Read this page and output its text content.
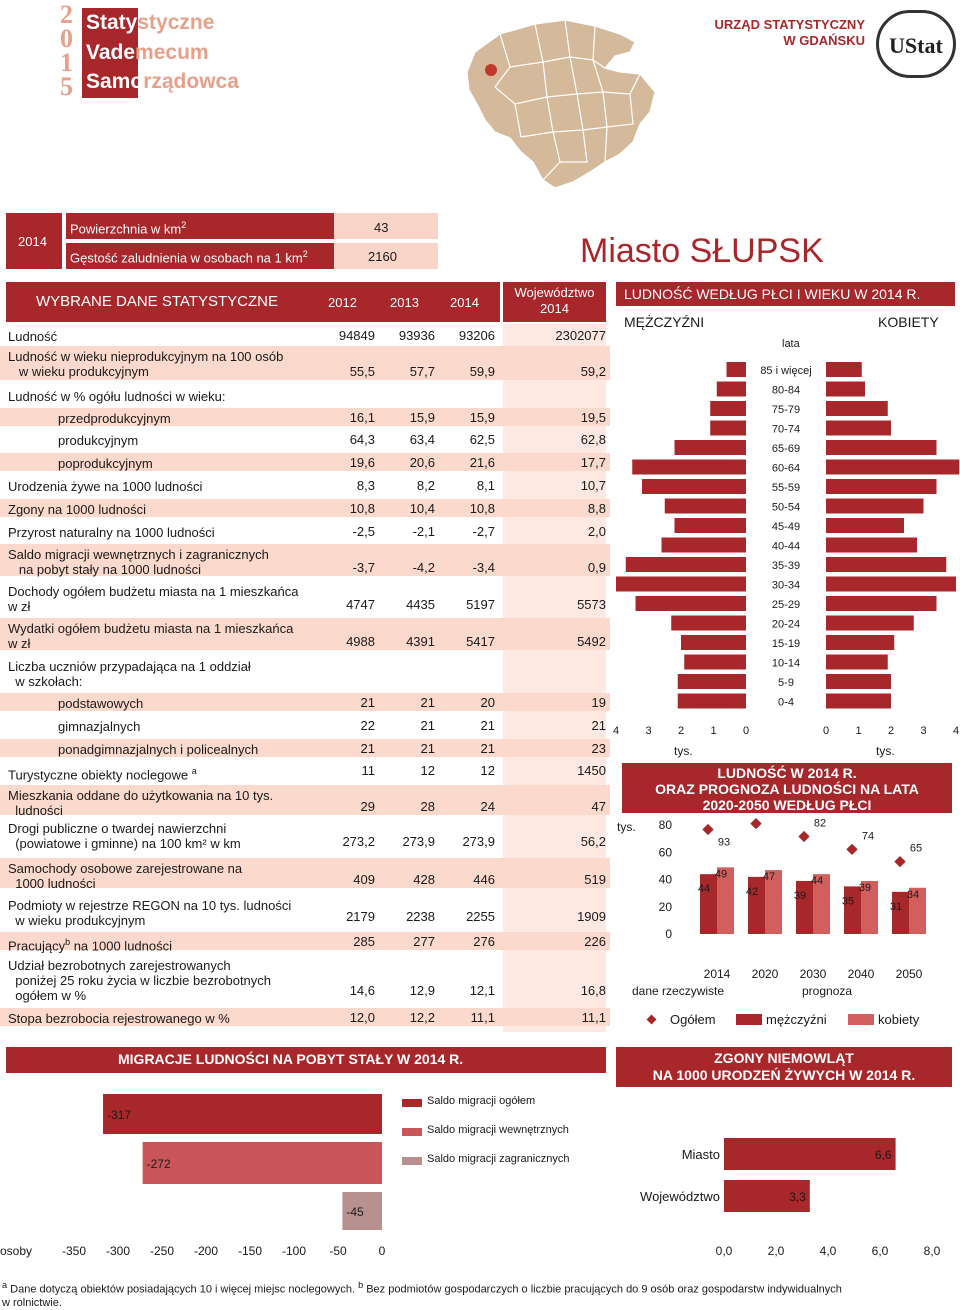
2
0
1
5
Statystyczne
Vademecum
Samorządowca
URZĄD STATYSTYCZNY
W GDAŃSKU UStat
2014
Powierzchnia w $km^2$	43
Gęstość zaludnienia w osobach na 1 $km^2$	2160	Miasto SŁUPSK
WYBRANE DANE STATYSTYCZNE	2012	2013 2014
Województwo
2014
Ludność	94849 93936 93206	2302077
Ludność w wieku nieprodukcyjnym na 100 osób
w wieku produkcyjnym	55,5	57,7	59,9	59,2
Ludność w % ogółu ludności w wieku:
przedprodukcyjnym	16,1	15,9	15,9	19,5
produkcyjnym	64,3	63,4	62,5	62,8
poprodukcyjnym	19,6	20,6	21,6	17,7
Urodzenia żywe na 1000 ludności	8,3	8,2	8,1	10,7
Zgony na 1000 ludności	10,8	10,4	10,8	8,8
Przyrost naturalny na 1000 ludności	-2,5	-2,1	-2,7	2,0
Saldo migracji wewnętrznych i zagranicznych
na pobyt stały na 1000 ludności	-3,7	-4,2	-3,4	0,9
Dochody ogółem budżetu miasta na 1 mieszkańca
w zł	4747 4435 5197	5573
Wydatki ogółem budżetu miasta na 1 mieszkańca
w zł	4988 4391 5417	5492
Liczba uczniów przypadająca na 1 oddział
w szkołach:
podstawowych	21	21	20	19
gimnazjalnych	22	21	21	21
ponadgimnazjalnych i policealnych	21	21	21	23
Turystyczne obiekty noclegowe $^a$	11	12	12	1450
Mieszkania oddane do użytkowania na 10 tys.
ludności	29	28	24	47
Drogi publiczne o twardej nawierzchni
(powiatowe i gminne) na 100 km² w km	273,2 273,9 273,9	56,2
Samochody osobowe zarejestrowane na
1000 ludności	409	428	446	519
Podmioty w rejestrze REGON na 10 tys. ludności
w wieku produkcyjnym	2179 2238 2255	1909
Pracujący$^b$ na 1000 ludności	285	277	276	226
Udział bezrobotnych zarejestrowanych
poniżej 25 roku życia w liczbie bezrobotnych
ogółem w %	14,6	12,9	12,1	16,8
Stopa bezrobocia rejestrowanego w %	12,0	12,2	11,1	11,1
LUDNOŚĆ WEDŁUG PŁCI I WIEKU W 2014 R.
MĘŻCZYŹNI	KOBIETY
lata
85 i więcej
80-84
75-79
70-74
65-69
60-64
55-59
50-54
45-49
40-44
35-39
30-34
25-29
20-24
15-19
10-14
5-9
0-4
4 3 2 1 0	0 1 2 3 4
tys.	tys.
LUDNOŚĆ W 2014 R.
ORAZ PROGNOZA LUDNOŚCI NA LATA
2020-2050 WEDŁUG PŁCI
tys.
0
20
40
60
80
44
49
93
2014
42
47
2020
39
44
82
2030
35
39
74
2040
31
34
65
2050
dane rzeczywiste	prognoza
Ogółem	mężczyźni	kobiety
MIGRACJE LUDNOŚCI NA POBYT STAŁY W 2014 R.
-317
-272
-45
-350 -300 -250 -200 -150 -100 -50	0
osoby
Saldo migracji ogółem
Saldo migracji wewnętrznych
Saldo migracji zagranicznych
ZGONY NIEMOWLĄT
NA 1000 URODZEŃ ŻYWYCH W 2014 R.
Miasto	6,6
Województwo	3,3
0,0	2,0	4,0	6,0	8,0
$^a$ Dane dotyczą obiektów posiadających 10 i więcej miejsc noclegowych. $^b$ Bez podmiotów gospodarczych o liczbie pracujących do 9 osób oraz gospodarstw indywidualnych
w rolnictwie.
